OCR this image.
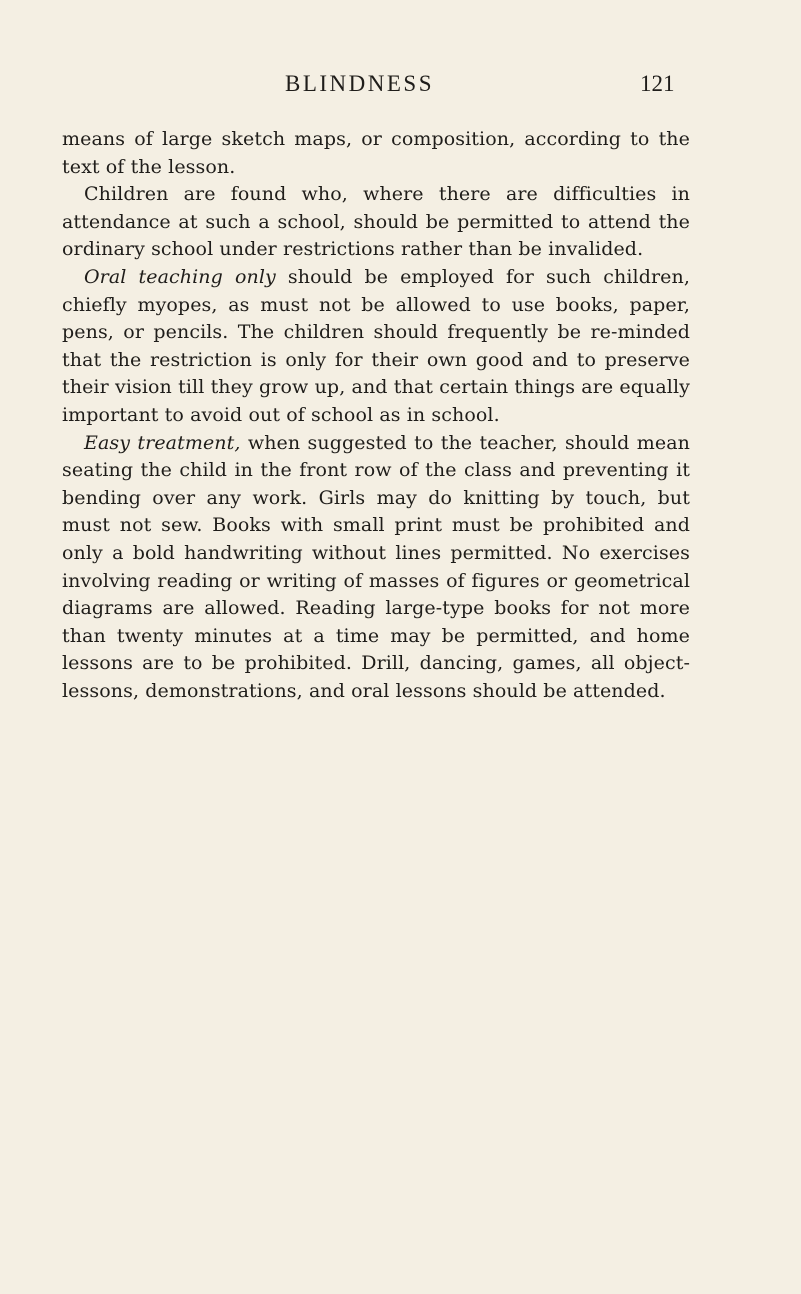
BLINDNESS	121

means of large sketch maps, or composition, according to the text of the lesson.

Children are found who, where there are difficulties in attendance at such a school, should be permitted to attend the ordinary school under restrictions rather than be invalided.

Oral teaching only should be employed for such children, chiefly myopes, as must not be allowed to use books, paper, pens, or pencils. The children should frequently be re-minded that the restriction is only for their own good and to preserve their vision till they grow up, and that certain things are equally important to avoid out of school as in school.

Easy treatment, when suggested to the teacher, should mean seating the child in the front row of the class and preventing it bending over any work. Girls may do knitting by touch, but must not sew. Books with small print must be prohibited and only a bold handwriting without lines permitted. No exercises involving reading or writing of masses of figures or geometrical diagrams are allowed. Reading large-type books for not more than twenty minutes at a time may be permitted, and home lessons are to be prohibited. Drill, dancing, games, all object-lessons, demonstrations, and oral lessons should be attended.
